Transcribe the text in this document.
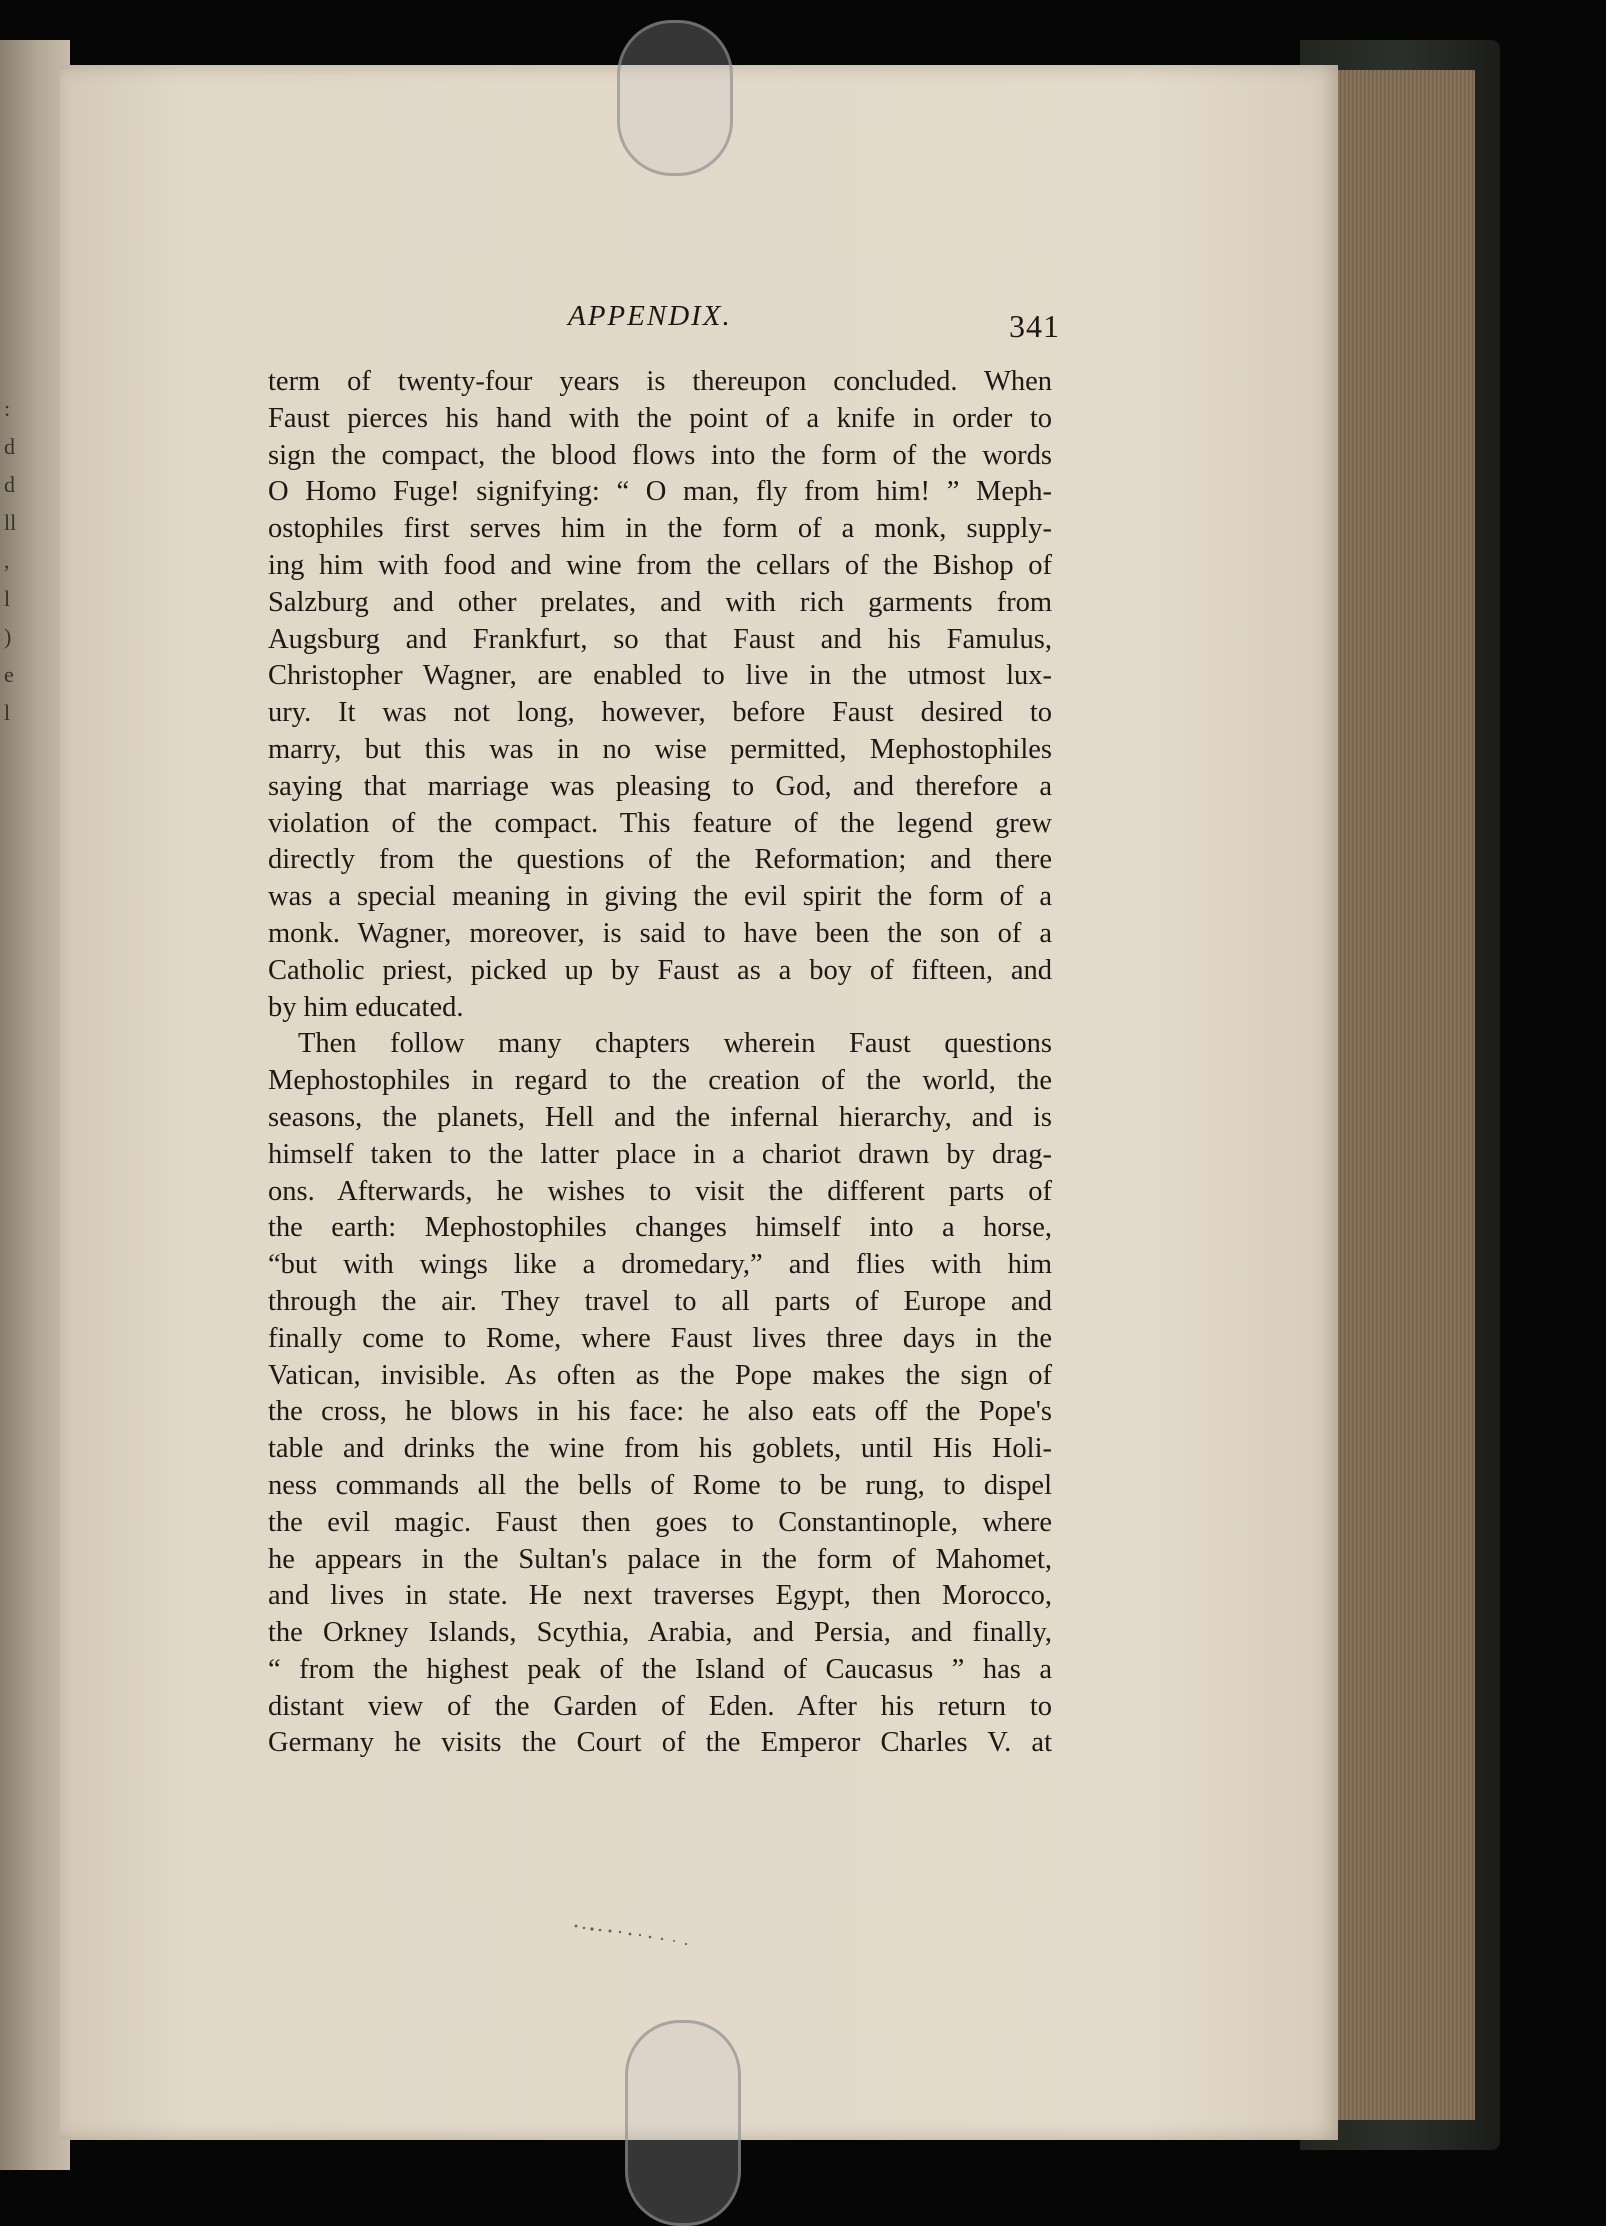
:
d
d
ll
,
l
)
e
l
APPENDIX.	341
term of twenty-four years is thereupon concluded. When
Faust pierces his hand with the point of a knife in order to
sign the compact, the blood flows into the form of the words
O Homo Fuge! signifying: “ O man, fly from him! ” Meph-
ostophiles first serves him in the form of a monk, supply-
ing him with food and wine from the cellars of the Bishop of
Salzburg and other prelates, and with rich garments from
Augsburg and Frankfurt, so that Faust and his Famulus,
Christopher Wagner, are enabled to live in the utmost lux-
ury. It was not long, however, before Faust desired to
marry, but this was in no wise permitted, Mephostophiles
saying that marriage was pleasing to God, and therefore a
violation of the compact. This feature of the legend grew
directly from the questions of the Reformation; and there
was a special meaning in giving the evil spirit the form of a
monk. Wagner, moreover, is said to have been the son of a
Catholic priest, picked up by Faust as a boy of fifteen, and
by him educated.
Then follow many chapters wherein Faust questions
Mephostophiles in regard to the creation of the world, the
seasons, the planets, Hell and the infernal hierarchy, and is
himself taken to the latter place in a chariot drawn by drag-
ons. Afterwards, he wishes to visit the different parts of
the earth: Mephostophiles changes himself into a horse,
“but with wings like a dromedary,” and flies with him
through the air. They travel to all parts of Europe and
finally come to Rome, where Faust lives three days in the
Vatican, invisible. As often as the Pope makes the sign of
the cross, he blows in his face: he also eats off the Pope's
table and drinks the wine from his goblets, until His Holi-
ness commands all the bells of Rome to be rung, to dispel
the evil magic. Faust then goes to Constantinople, where
he appears in the Sultan's palace in the form of Mahomet,
and lives in state. He next traverses Egypt, then Morocco,
the Orkney Islands, Scythia, Arabia, and Persia, and finally,
“ from the highest peak of the Island of Caucasus ” has a
distant view of the Garden of Eden. After his return to
Germany he visits the Court of the Emperor Charles V. at
